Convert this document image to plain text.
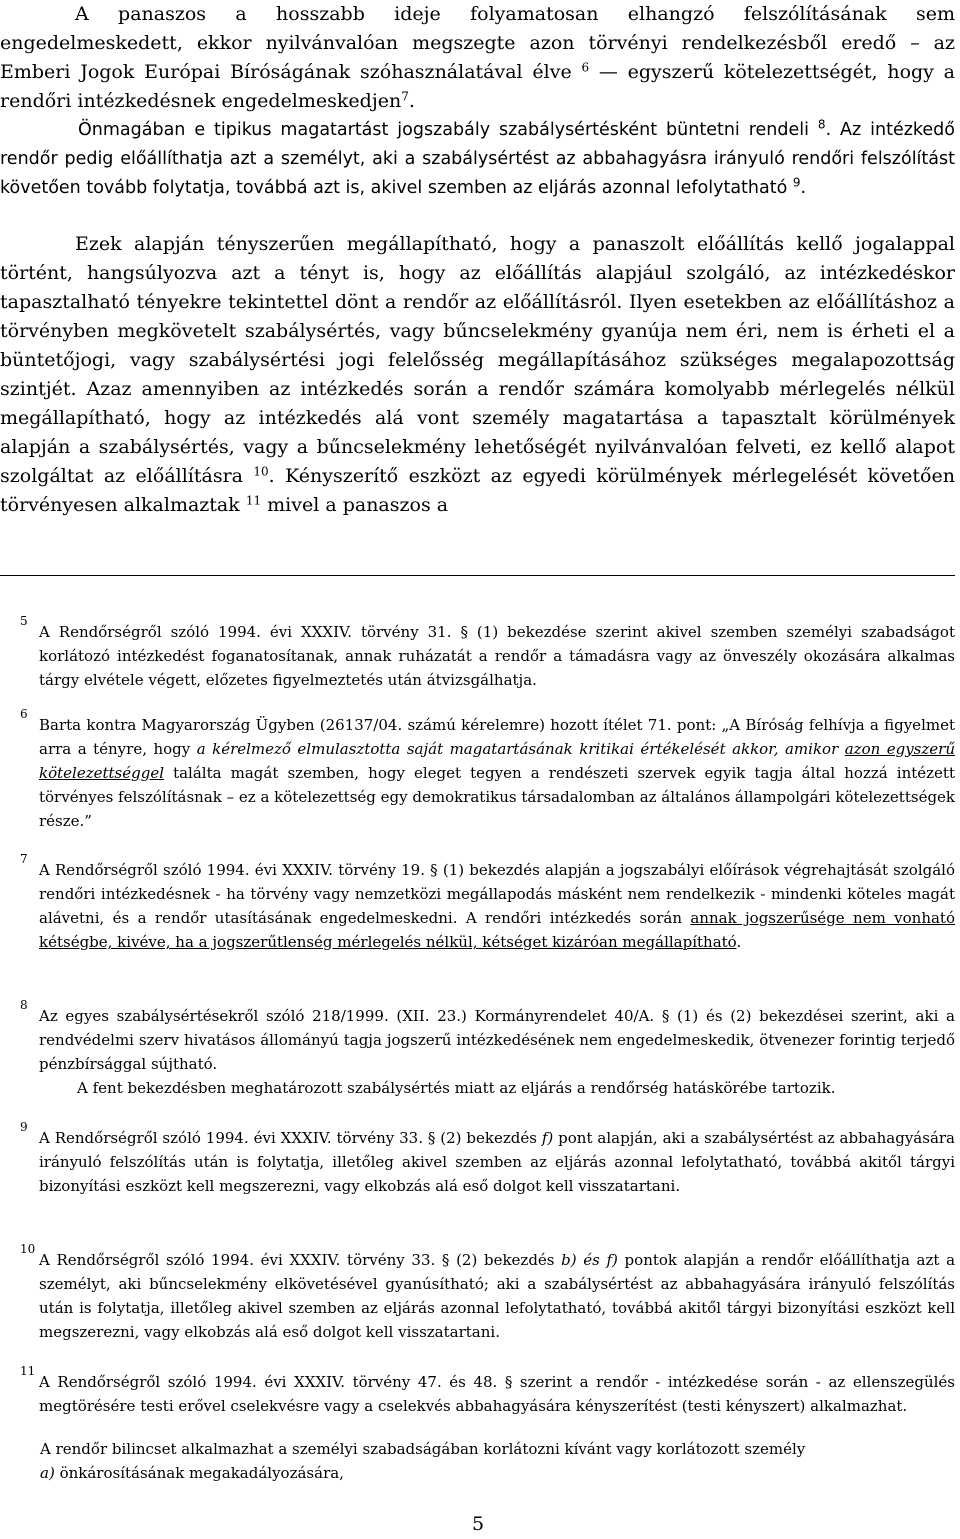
A panaszos a hosszabb ideje folyamatosan elhangzó felszólításának sem engedelmeskedett, ekkor nyilvánvalóan megszegte azon törvényi rendelkezésből eredő – az Emberi Jogok Európai Bíróságának szóhasználatával élve $^6$ — egyszerű kötelezettségét, hogy a rendőri intézkedésnek engedelmeskedjen$^7$.

Önmagában e tipikus magatartást jogszabály szabálysértésként büntetni rendeli $^8$. Az intézkedő rendőr pedig előállíthatja azt a személyt, aki a szabálysértést az abbahagyásra irányuló rendőri felszólítást követően tovább folytatja, továbbá azt is, akivel szemben az eljárás azonnal lefolytatható $^9$.

Ezek alapján tényszerűen megállapítható, hogy a panaszolt előállítás kellő jogalappal történt, hangsúlyozva azt a tényt is, hogy az előállítás alapjául szolgáló, az intézkedéskor tapasztalható tényekre tekintettel dönt a rendőr az előállításról. Ilyen esetekben az előállításhoz a törvényben megkövetelt szabálysértés, vagy bűncselekmény gyanúja nem éri, nem is érheti el a büntetőjogi, vagy szabálysértési jogi felelősség megállapításához szükséges megalapozottság szintjét. Azaz amennyiben az intézkedés során a rendőr számára komolyabb mérlegelés nélkül megállapítható, hogy az intézkedés alá vont személy magatartása a tapasztalt körülmények alapján a szabálysértés, vagy a bűncselekmény lehetőségét nyilvánvalóan felveti, ez kellő alapot szolgáltat az előállításra $^{10}$. Kényszerítő eszközt az egyedi körülmények mérlegelését követően törvényesen alkalmaztak $^{11}$ mivel a panaszos a

5

A Rendőrségről szóló 1994. évi XXXIV. törvény 31. § (1) bekezdése szerint akivel szemben személyi szabadságot korlátozó intézkedést foganatosítanak, annak ruházatát a rendőr a támadásra vagy az önveszély okozására alkalmas tárgy elvétele végett, előzetes figyelmeztetés után átvizsgálhatja.

6

Barta kontra Magyarország Ügyben (26137/04. számú kérelemre) hozott ítélet 71. pont: „A Bíróság felhívja a figyelmet arra a tényre, hogy a kérelmező elmulasztotta saját magatartásának kritikai értékelését akkor, amikor azon egyszerű kötelezettséggel találta magát szemben, hogy eleget tegyen a rendészeti szervek egyik tagja által hozzá intézett törvényes felszólításnak – ez a kötelezettség egy demokratikus társadalomban az általános állampolgári kötelezettségek része.”

7

A Rendőrségről szóló 1994. évi XXXIV. törvény 19. § (1) bekezdés alapján a jogszabályi előírások végrehajtását szolgáló rendőri intézkedésnek - ha törvény vagy nemzetközi megállapodás másként nem rendelkezik - mindenki köteles magát alávetni, és a rendőr utasításának engedelmeskedni. A rendőri intézkedés során annak jogszerűsége nem vonható kétségbe, kivéve, ha a jogszerűtlenség mérlegelés nélkül, kétséget kizáróan megállapítható.

8

Az egyes szabálysértésekről szóló 218/1999. (XII. 23.) Kormányrendelet 40/A. § (1) és (2) bekezdései szerint, aki a rendvédelmi szerv hivatásos állományú tagja jogszerű intézkedésének nem engedelmeskedik, ötvenezer forintig terjedő pénzbírsággal sújtható.

A fent bekezdésben meghatározott szabálysértés miatt az eljárás a rendőrség hatáskörébe tartozik.

9

A Rendőrségről szóló 1994. évi XXXIV. törvény 33. § (2) bekezdés f) pont alapján, aki a szabálysértést az abbahagyására irányuló felszólítás után is folytatja, illetőleg akivel szemben az eljárás azonnal lefolytatható, továbbá akitől tárgyi bizonyítási eszközt kell megszerezni, vagy elkobzás alá eső dolgot kell visszatartani.

10

A Rendőrségről szóló 1994. évi XXXIV. törvény 33. § (2) bekezdés b) és f) pontok alapján a rendőr előállíthatja azt a személyt, aki bűncselekmény elkövetésével gyanúsítható; aki a szabálysértést az abbahagyására irányuló felszólítás után is folytatja, illetőleg akivel szemben az eljárás azonnal lefolytatható, továbbá akitől tárgyi bizonyítási eszközt kell megszerezni, vagy elkobzás alá eső dolgot kell visszatartani.

11

A Rendőrségről szóló 1994. évi XXXIV. törvény 47. és 48. § szerint a rendőr - intézkedése során - az ellenszegülés megtörésére testi erővel cselekvésre vagy a cselekvés abbahagyására kényszerítést (testi kényszert) alkalmazhat.

A rendőr bilincset alkalmazhat a személyi szabadságában korlátozni kívánt vagy korlátozott személy
a) önkárosításának megakadályozására,
5
